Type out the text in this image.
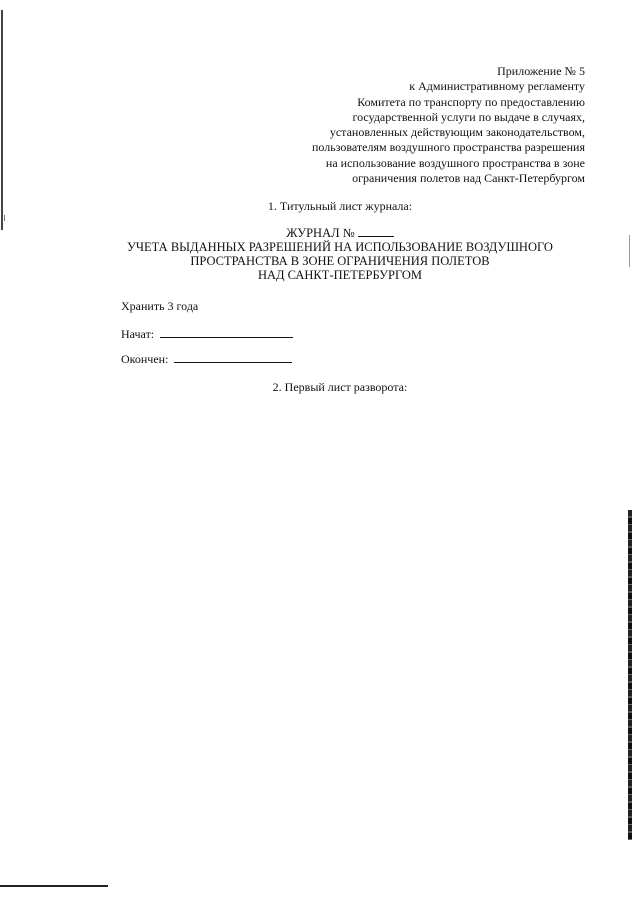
Приложение № 5
к Административному регламенту
Комитета по транспорту по предоставлению
государственной услуги по выдаче в случаях,
установленных действующим законодательством,
пользователям воздушного пространства разрешения
на использование воздушного пространства в зоне
ограничения полетов над Санкт-Петербургом
1. Титульный лист журнала:
ЖУРНАЛ №
УЧЕТА ВЫДАННЫХ РАЗРЕШЕНИЙ НА ИСПОЛЬЗОВАНИЕ ВОЗДУШНОГО
ПРОСТРАНСТВА В ЗОНЕ ОГРАНИЧЕНИЯ ПОЛЕТОВ
НАД САНКТ-ПЕТЕРБУРГОМ
Хранить 3 года
Начат:
Окончен:
2. Первый лист разворота:
